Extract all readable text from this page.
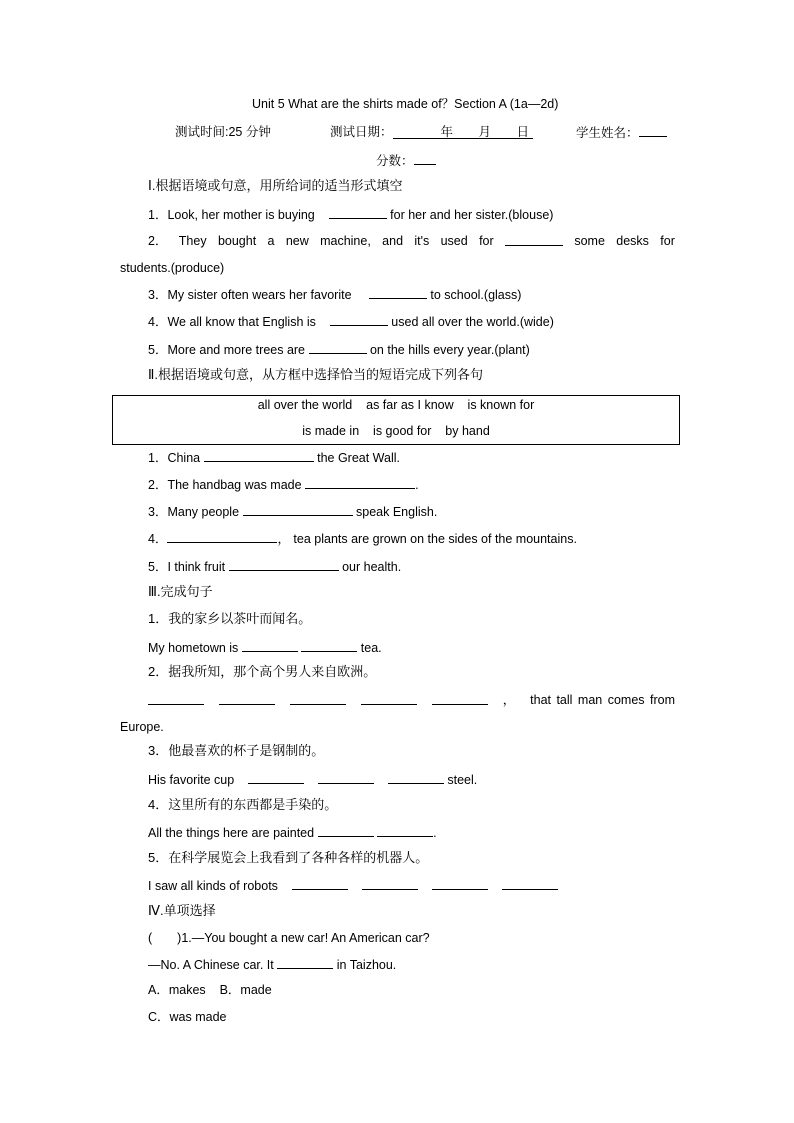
Unit 5 What are the shirts made of？Section A (1a—2d)
测试时间:25 分钟	测试日期：	年 月 日	学生姓名：
分数：
Ⅰ.根据语境或句意，用所给词的适当形式填空
1．Look, her mother is buying	for her and her sister.(blouse)
2． They bought a new machine, and it's used for	some desks for
students.(produce)
3．My sister often wears her favorite	to school.(glass)
4．We all know that English is	used all over the world.(wide)
5．More and more trees are	on the hills every year.(plant)
Ⅱ.根据语境或句意，从方框中选择恰当的短语完成下列各句
all over the world    as far as I know    is known for
is made in    is good for    by hand
1．China	the Great Wall.
2．The handbag was made	.
3．Many people	speak English.
4．	， tea plants are grown on the sides of the mountains.
5．I think fruit	our health.
Ⅲ.完成句子
1．我的家乡以茶叶而闻名。
My hometown is	tea.
2．据我所知，那个高个男人来自欧洲。
， that tall man comes from
Europe.
3．他最喜欢的杯子是钢制的。
His favorite cup	steel.
4．这里所有的东西都是手染的。
All the things here are painted	.
5．在科学展览会上我看到了各种各样的机器人。
I saw all kinds of robots
Ⅳ.单项选择
(　　)1.—You bought a new car! An American car?
—No. A Chinese car. It	in Taizhou.
A．makes B．made
C．was made
